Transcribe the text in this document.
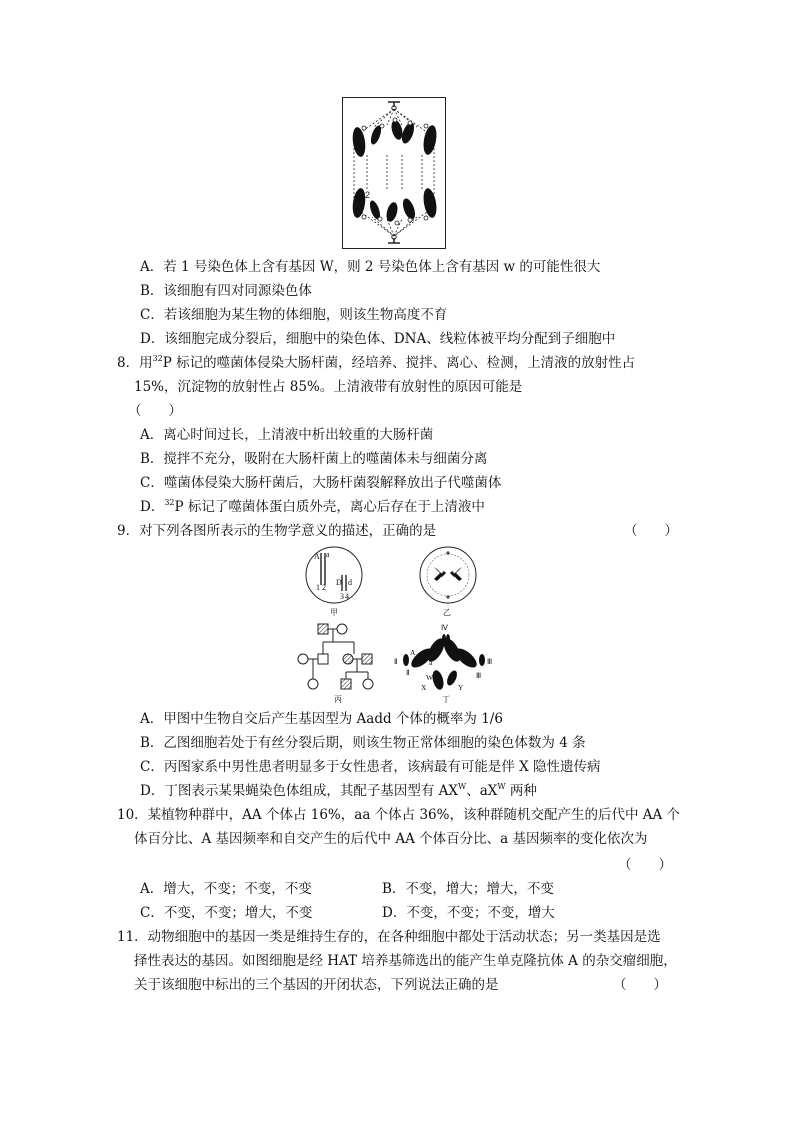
1
2
A．若 1 号染色体上含有基因 W，则 2 号染色体上含有基因 w 的可能性很大
B．该细胞有四对同源染色体
C．若该细胞为某生物的体细胞，则该生物高度不育
D．该细胞完成分裂后，细胞中的染色体、DNA、线粒体被平均分配到子细胞中
8．用$^{32}$P 标记的噬菌体侵染大肠杆菌，经培养、搅拌、离心、检测，上清液的放射性占
15%，沉淀物的放射性占 85%。上清液带有放射性的原因可能是
（　　）
A．离心时间过长，上清液中析出较重的大肠杆菌
B．搅拌不充分，吸附在大肠杆菌上的噬菌体未与细菌分离
C．噬菌体侵染大肠杆菌后，大肠杆菌裂解释放出子代噬菌体
D．$^{32}$P 标记了噬菌体蛋白质外壳，离心后存在于上清液中
9．对下列各图所表示的生物学意义的描述，正确的是	（　　）
A a
1 2
D d
3 4
甲	乙
丙
Ⅳ
Ⅱ
Ⅱ
Ⅲ
Ⅲ
A
a
W
X	Y
丁
A．甲图中生物自交后产生基因型为 Aadd 个体的概率为 1/6
B．乙图细胞若处于有丝分裂后期，则该生物正常体细胞的染色体数为 4 条
C．丙图家系中男性患者明显多于女性患者，该病最有可能是伴 X 隐性遗传病
D．丁图表示某果蝇染色体组成，其配子基因型有 $AX^W$、$aX^W$ 两种
10．某植物种群中，AA 个体占 16%，aa 个体占 36%，该种群随机交配产生的后代中 AA 个
体百分比、A 基因频率和自交产生的后代中 AA 个体百分比、a 基因频率的变化依次为
（　　）
A．增大，不变；不变，不变	B．不变，增大；增大，不变
C．不变，不变；增大，不变	D．不变，不变；不变，增大
11．动物细胞中的基因一类是维持生存的，在各种细胞中都处于活动状态；另一类基因是选
择性表达的基因。如图细胞是经 HAT 培养基筛选出的能产生单克隆抗体 A 的杂交瘤细胞，
关于该细胞中标出的三个基因的开闭状态，下列说法正确的是	（　　）
